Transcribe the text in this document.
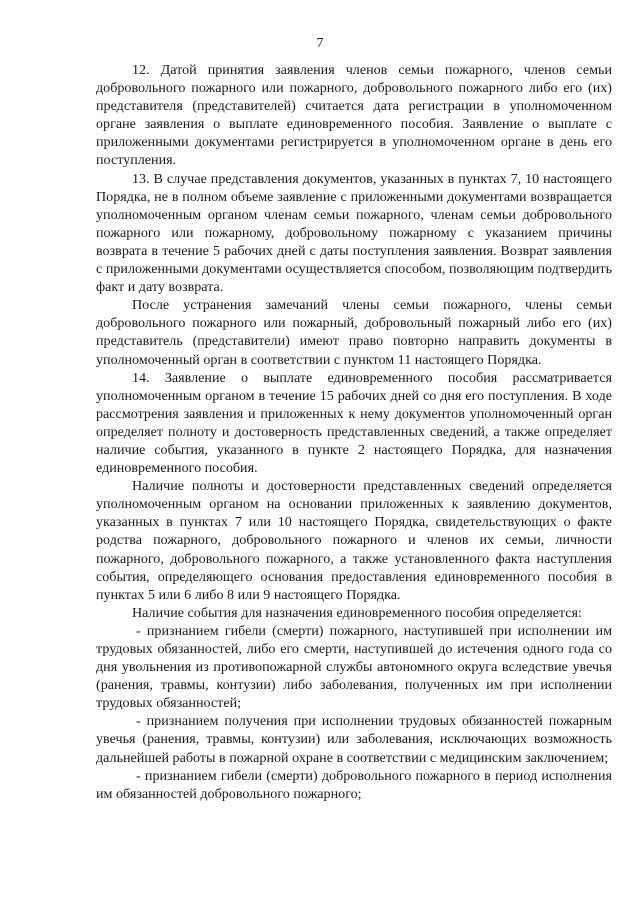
7

12. Датой принятия заявления членов семьи пожарного, членов семьи добровольного пожарного или пожарного, добровольного пожарного либо его (их) представителя (представителей) считается дата регистрации в уполномоченном органе заявления о выплате единовременного пособия. Заявление о выплате с приложенными документами регистрируется в уполномоченном органе в день его поступления.

13. В случае представления документов, указанных в пунктах 7, 10 настоящего Порядка, не в полном объеме заявление с приложенными документами возвращается уполномоченным органом членам семьи пожарного, членам семьи добровольного пожарного или пожарному, добровольному пожарному с указанием причины возврата в течение 5 рабочих дней с даты поступления заявления. Возврат заявления с приложенными документами осуществляется способом, позволяющим подтвердить факт и дату возврата.

После устранения замечаний члены семьи пожарного, члены семьи добровольного пожарного или пожарный, добровольный пожарный либо его (их) представитель (представители) имеют право повторно направить документы в уполномоченный орган в соответствии с пунктом 11 настоящего Порядка.

14. Заявление о выплате единовременного пособия рассматривается уполномоченным органом в течение 15 рабочих дней со дня его поступления. В ходе рассмотрения заявления и приложенных к нему документов уполномоченный орган определяет полноту и достоверность представленных сведений, а также определяет наличие события, указанного в пункте 2 настоящего Порядка, для назначения единовременного пособия.

Наличие полноты и достоверности представленных сведений определяется уполномоченным органом на основании приложенных к заявлению документов, указанных в пунктах 7 или 10 настоящего Порядка, свидетельствующих о факте родства пожарного, добровольного пожарного и членов их семьи, личности пожарного, добровольного пожарного, а также установленного факта наступления события, определяющего основания предоставления единовременного пособия в пунктах 5 или 6 либо 8 или 9 настоящего Порядка.

Наличие события для назначения единовременного пособия определяется:

- признанием гибели (смерти) пожарного, наступившей при исполнении им трудовых обязанностей, либо его смерти, наступившей до истечения одного года со дня увольнения из противопожарной службы автономного округа вследствие увечья (ранения, травмы, контузии) либо заболевания, полученных им при исполнении трудовых обязанностей;

- признанием получения при исполнении трудовых обязанностей пожарным увечья (ранения, травмы, контузии) или заболевания, исключающих возможность дальнейшей работы в пожарной охране в соответствии с медицинским заключением;

- признанием гибели (смерти) добровольного пожарного в период исполнения им обязанностей добровольного пожарного;
